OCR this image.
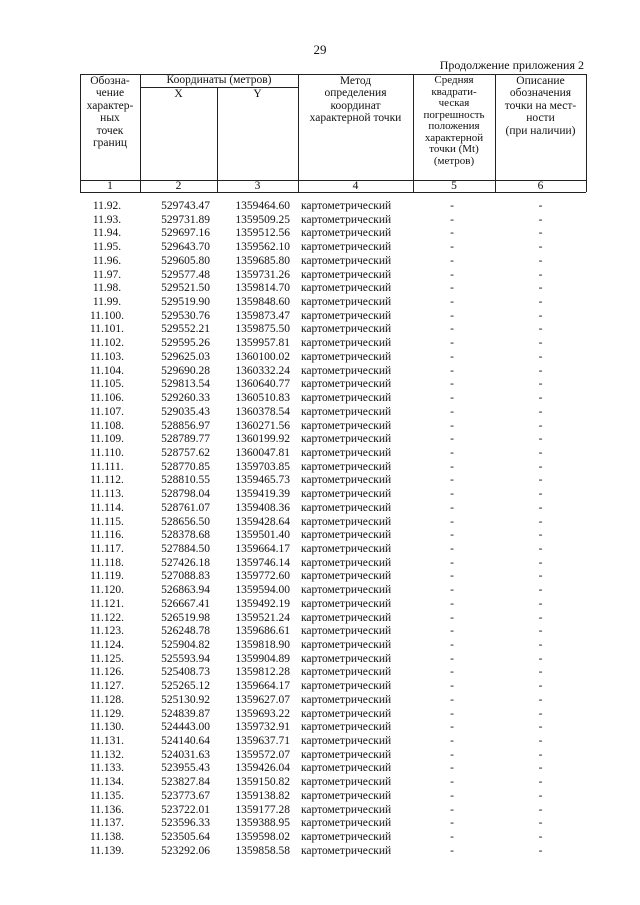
29
Продолжение приложения 2
Обозна-
чение
характер-
ных
точек
границ
Координаты (метров)
X	Y
Метод
определения
координат
характерной точки
Средняя
квадрати-
ческая
погрешность
положения
характерной
точки (Mt)
(метров)
Описание
обозначения
точки на мест-
ности
(при наличии)
1	2	3	4	5	6
11.92.	529743.47	1359464.60 картометрический	-	-
11.93.	529731.89	1359509.25 картометрический	-	-
11.94.	529697.16	1359512.56 картометрический	-	-
11.95.	529643.70	1359562.10 картометрический	-	-
11.96.	529605.80	1359685.80 картометрический	-	-
11.97.	529577.48	1359731.26 картометрический	-	-
11.98.	529521.50	1359814.70 картометрический	-	-
11.99.	529519.90	1359848.60 картометрический	-	-
11.100.	529530.76	1359873.47 картометрический	-	-
11.101.	529552.21	1359875.50 картометрический	-	-
11.102.	529595.26	1359957.81 картометрический	-	-
11.103.	529625.03	1360100.02 картометрический	-	-
11.104.	529690.28	1360332.24 картометрический	-	-
11.105.	529813.54	1360640.77 картометрический	-	-
11.106.	529260.33	1360510.83 картометрический	-	-
11.107.	529035.43	1360378.54 картометрический	-	-
11.108.	528856.97	1360271.56 картометрический	-	-
11.109.	528789.77	1360199.92 картометрический	-	-
11.110.	528757.62	1360047.81 картометрический	-	-
11.111.	528770.85	1359703.85 картометрический	-	-
11.112.	528810.55	1359465.73 картометрический	-	-
11.113.	528798.04	1359419.39 картометрический	-	-
11.114.	528761.07	1359408.36 картометрический	-	-
11.115.	528656.50	1359428.64 картометрический	-	-
11.116.	528378.68	1359501.40 картометрический	-	-
11.117.	527884.50	1359664.17 картометрический	-	-
11.118.	527426.18	1359746.14 картометрический	-	-
11.119.	527088.83	1359772.60 картометрический	-	-
11.120.	526863.94	1359594.00 картометрический	-	-
11.121.	526667.41	1359492.19 картометрический	-	-
11.122.	526519.98	1359521.24 картометрический	-	-
11.123.	526248.78	1359686.61 картометрический	-	-
11.124.	525904.82	1359818.90 картометрический	-	-
11.125.	525593.94	1359904.89 картометрический	-	-
11.126.	525408.73	1359812.28 картометрический	-	-
11.127.	525265.12	1359664.17 картометрический	-	-
11.128.	525130.92	1359627.07 картометрический	-	-
11.129.	524839.87	1359693.22 картометрический	-	-
11.130.	524443.00	1359732.91 картометрический	-	-
11.131.	524140.64	1359637.71 картометрический	-	-
11.132.	524031.63	1359572.07 картометрический	-	-
11.133.	523955.43	1359426.04 картометрический	-	-
11.134.	523827.84	1359150.82 картометрический	-	-
11.135.	523773.67	1359138.82 картометрический	-	-
11.136.	523722.01	1359177.28 картометрический	-	-
11.137.	523596.33	1359388.95 картометрический	-	-
11.138.	523505.64	1359598.02 картометрический	-	-
11.139.	523292.06	1359858.58 картометрический	-	-
